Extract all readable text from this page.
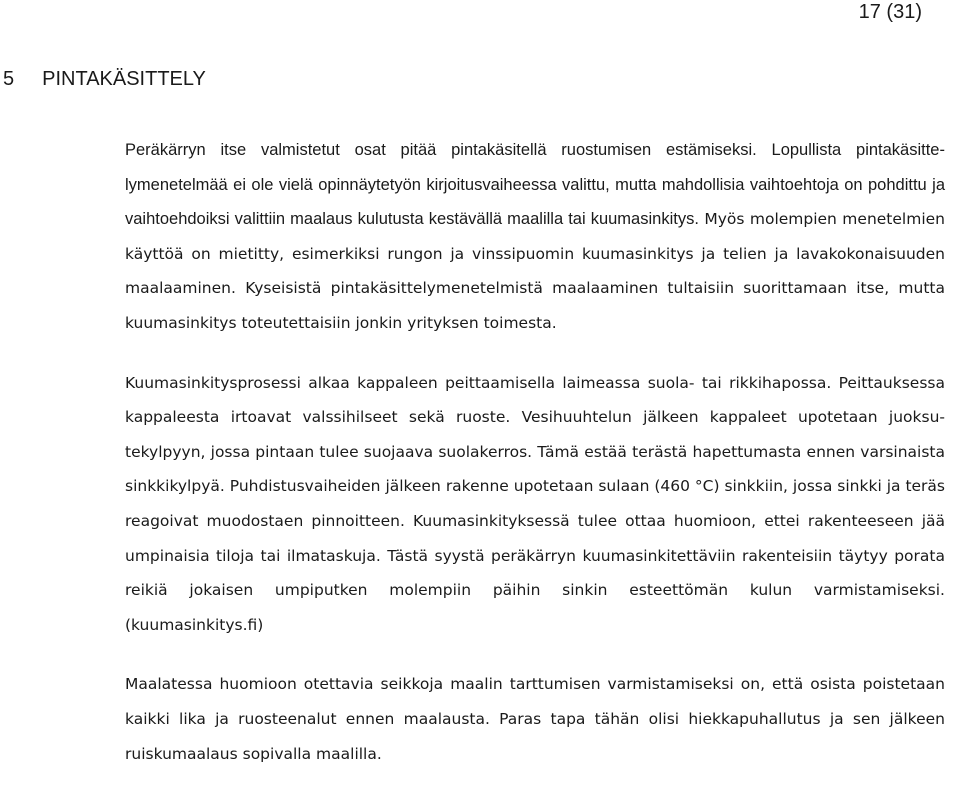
17 (31)
5 PINTAKÄSITTELY

Peräkärryn itse valmistetut osat pitää pintakäsitellä ruostumisen estämiseksi. Lopullista pintakäsittelymenetelmää ei ole vielä opinnäytetyön kirjoitusvaiheessa valittu, mutta mahdollisia vaihtoehtoja on pohdittu ja vaihtoehdoiksi valittiin maalaus kulutusta kestävällä maalilla tai kuumasinkitys. Myös molempien menetelmien käyttöä on mietitty, esimerkiksi rungon ja vinssipuomin kuumasinkitys ja telien ja lavakokonaisuuden maalaaminen. Kyseisistä pintakäsittelymenetelmistä maalaaminen tultaisiin suorittamaan itse, mutta kuumasinkitys toteutettaisiin jonkin yrityksen toimesta.

Kuumasinkitysprosessi alkaa kappaleen peittaamisella laimeassa suola- tai rikkihapossa. Peittauksessa kappaleesta irtoavat valssihilseet sekä ruoste. Vesihuuhtelun jälkeen kappaleet upotetaan juoksutekylpyyn, jossa pintaan tulee suojaava suolakerros. Tämä estää terästä hapettumasta ennen varsinaista sinkkikylpyä. Puhdistusvaiheiden jälkeen rakenne upotetaan sulaan (460 °C) sinkkiin, jossa sinkki ja teräs reagoivat muodostaen pinnoitteen. Kuumasinkityksessä tulee ottaa huomioon, ettei rakenteeseen jää umpinaisia tiloja tai ilmataskuja. Tästä syystä peräkärryn kuumasinkitettäviin rakenteisiin täytyy porata reikiä jokaisen umpiputken molempiin päihin sinkin esteettömän kulun varmistamiseksi. (kuumasinkitys.fi)

Maalatessa huomioon otettavia seikkoja maalin tarttumisen varmistamiseksi on, että osista poistetaan kaikki lika ja ruosteenalut ennen maalausta. Paras tapa tähän olisi hiekkapuhallutus ja sen jälkeen ruiskumaalaus sopivalla maalilla.
